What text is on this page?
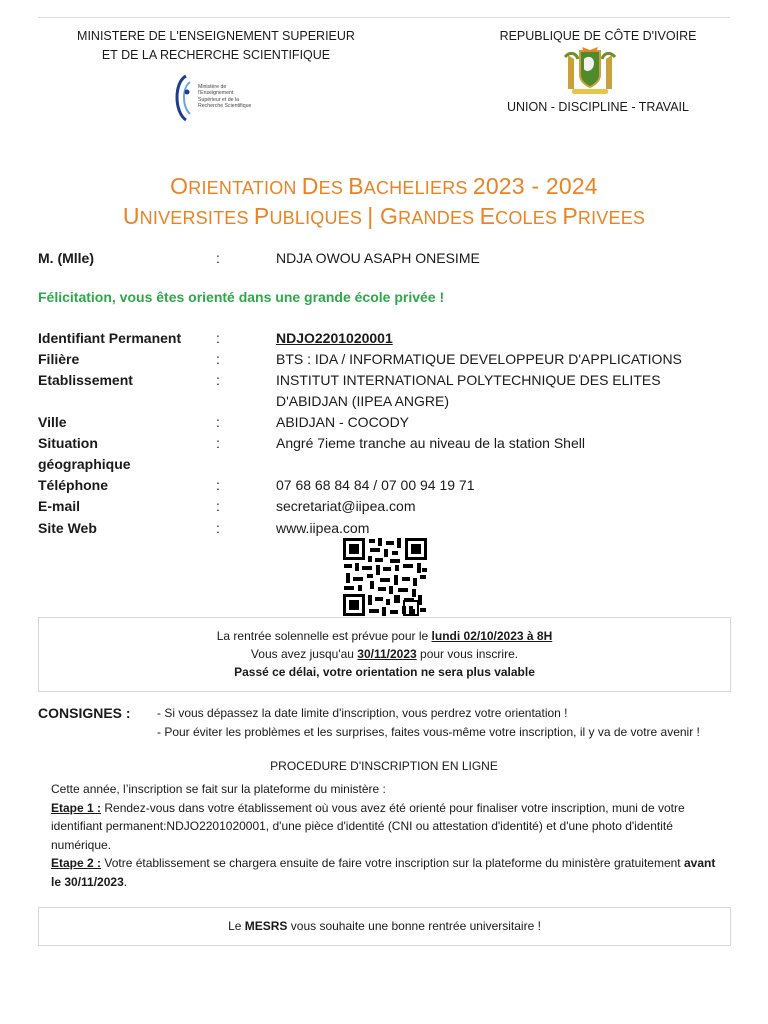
MINISTERE DE L'ENSEIGNEMENT SUPERIEUR
ET DE LA RECHERCHE SCIENTIFIQUE
Ministère de l'Enseignement
Supérieur et de la
Recherche Scientifique
REPUBLIQUE DE CÔTE D'IVOIRE
UNION - DISCIPLINE - TRAVAIL
ORIENTATION DES BACHELIERS 2023 - 2024
UNIVERSITES PUBLIQUES | GRANDES ECOLES PRIVEES
M. (Mlle)	:	NDJA OWOU ASAPH ONESIME
Félicitation, vous êtes orienté dans une grande école privée !
Identifiant Permanent	:	NDJO2201020001
Filière	:	BTS : IDA / INFORMATIQUE DEVELOPPEUR D'APPLICATIONS
Etablissement	:	INSTITUT INTERNATIONAL POLYTECHNIQUE DES ELITES
D'ABIDJAN (IIPEA ANGRE)
Ville	:	ABIDJAN - COCODY
Situation
géographique
:	Angré 7ieme tranche au niveau de la station Shell
Téléphone	:	07 68 68 84 84 / 07 00 94 19 71
E-mail	:	secretariat@iipea.com
Site Web	:	www.iipea.com
La rentrée solennelle est prévue pour le lundi 02/10/2023 à 8H
Vous avez jusqu'au 30/11/2023 pour vous inscrire.
Passé ce délai, votre orientation ne sera plus valable
CONSIGNES : - Si vous dépassez la date limite d'inscription, vous perdrez votre orientation !
- Pour éviter les problèmes et les surprises, faites vous-même votre inscription, il y va de votre avenir !
PROCEDURE D'INSCRIPTION EN LIGNE
Cette année, l’inscription se fait sur la plateforme du ministère :
Etape 1 : Rendez-vous dans votre établissement où vous avez été orienté pour finaliser votre inscription, muni de votre identifiant permanent:NDJO2201020001, d'une pièce d'identité (CNI ou attestation d'identité) et d'une photo d'identité numérique.
Etape 2 : Votre établissement se chargera ensuite de faire votre inscription sur la plateforme du ministère gratuitement avant le 30/11/2023.
Le MESRS vous souhaite une bonne rentrée universitaire !
